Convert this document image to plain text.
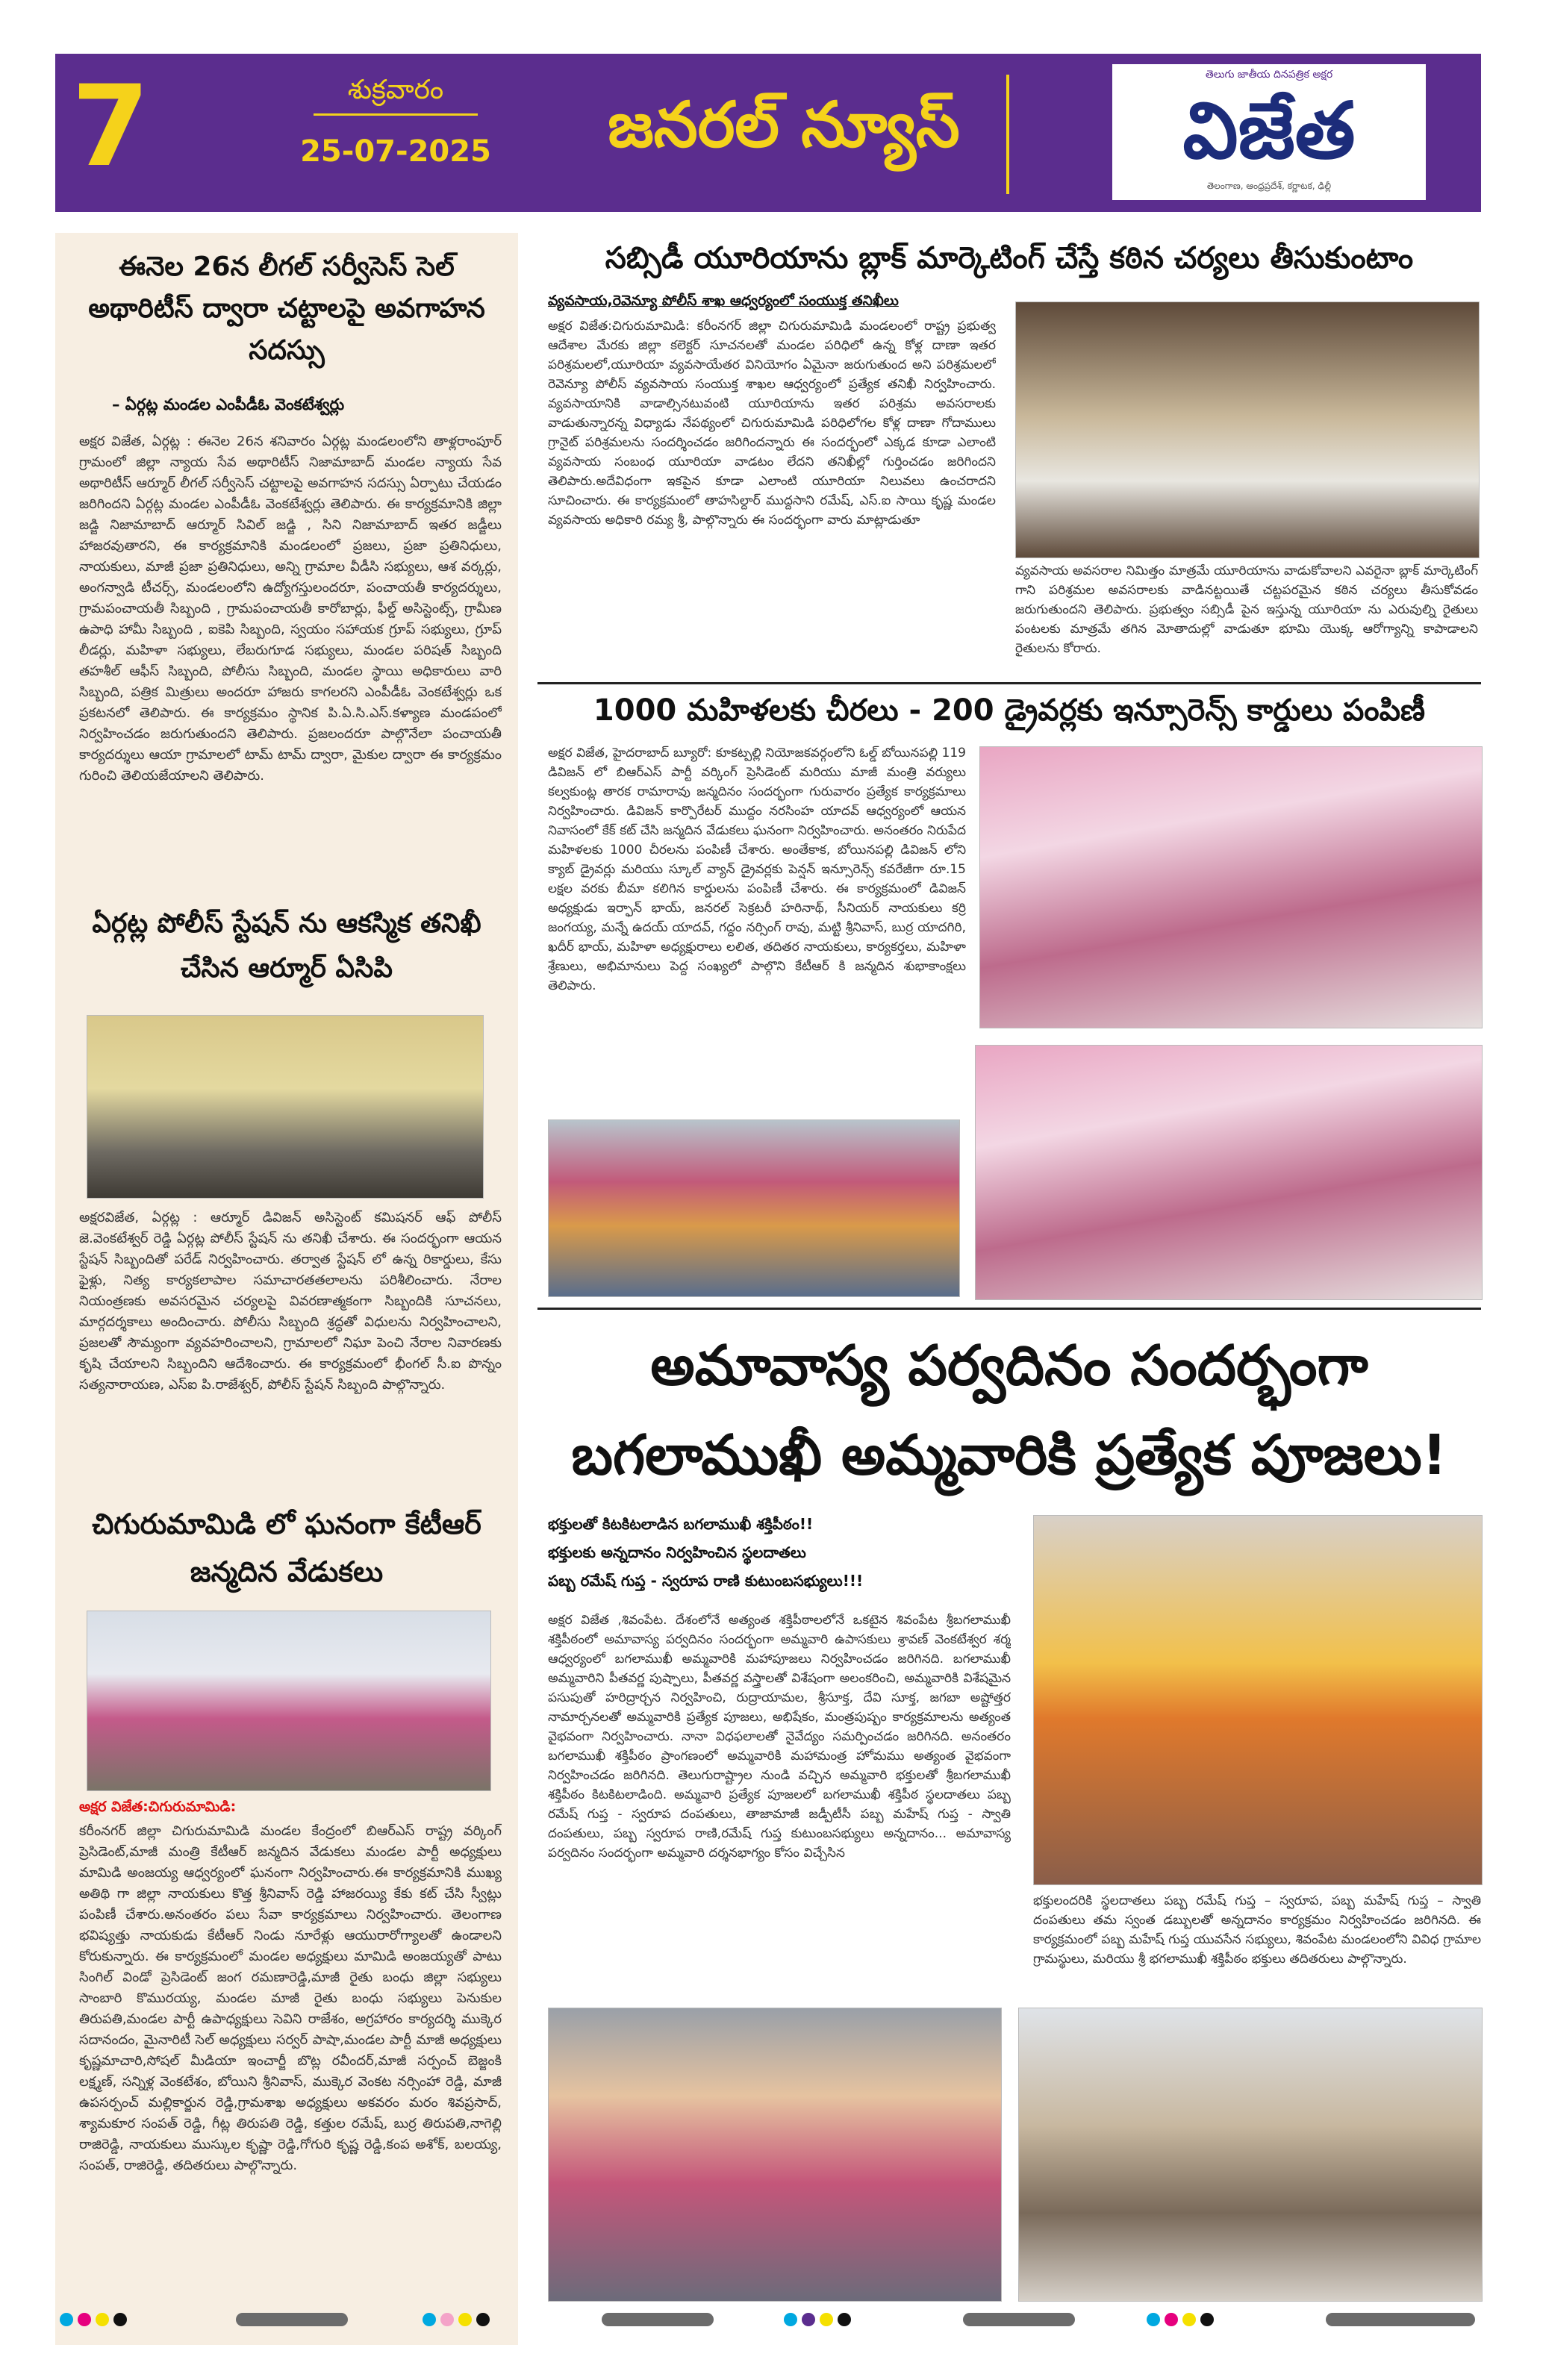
7	శుక్రవారం
25-07-2025	జనరల్ న్యూస్
తెలుగు జాతీయ దినపత్రిక అక్షర
విజేత
తెలంగాణ, ఆంధ్రప్రదేశ్, కర్ణాటక, ఢిల్లీ
ఈనెల 26న లీగల్ సర్వీసెస్ సెల్ అథారిటీస్ ద్వారా చట్టాలపై అవగాహన సదస్సు
– ఏర్గట్ల మండల ఎంపీడీఓ వెంకటేశ్వర్లు
అక్షర విజేత, ఏర్గట్ల : ఈనెల 26న శనివారం ఏర్గట్ల మండలంలోని తాళ్లరాంపూర్ గ్రామంలో జిల్లా న్యాయ సేవ అథారిటీస్ నిజామాబాద్ మండల న్యాయ సేవ అథారిటీస్ ఆర్మూర్ లీగల్ సర్వీసెస్ చట్టాలపై అవగాహన సదస్సు ఏర్పాటు చేయడం జరిగిందని ఏర్గట్ల మండల ఎంపీడీఓ వెంకటేశ్వర్లు తెలిపారు. ఈ కార్యక్రమానికి జిల్లా జడ్జి నిజామాబాద్ ఆర్మూర్ సివిల్ జడ్జి , సిని నిజామాబాద్ ఇతర జడ్జీలు హాజరవుతారని, ఈ కార్యక్రమానికి మండలంలో ప్రజలు, ప్రజా ప్రతినిధులు, నాయకులు, మాజీ ప్రజా ప్రతినిధులు, అన్ని గ్రామాల వీడీసి సభ్యులు, ఆశ వర్కర్లు, అంగన్వాడి టీచర్స్, మండలంలోని ఉద్యోగస్తులందరూ, పంచాయతీ కార్యదర్శులు, గ్రామపంచాయతీ సిబ్బంది , గ్రామపంచాయతీ కారోబార్లు, ఫీల్డ్ అసిస్టెంట్స్, గ్రామీణ ఉపాధి హామీ సిబ్బంది , ఐకెపి సిబ్బంది, స్వయం సహాయక గ్రూప్ సభ్యులు, గ్రూప్ లీడర్లు, మహిళా సభ్యులు, లేబరుగూడ సభ్యులు, మండల పరిషత్ సిబ్బంది తహశీల్ ఆఫీస్ సిబ్బంది, పోలీసు సిబ్బంది, మండల స్థాయి అధికారులు వారి సిబ్బంది, పత్రిక మిత్రులు అందరూ హాజరు కాగలరని ఎంపీడీఓ వెంకటేశ్వర్లు ఒక ప్రకటనలో తెలిపారు. ఈ కార్యక్రమం స్థానిక పి.ఏ.సి.ఎస్.కళ్యాణ మండపంలో నిర్వహించడం జరుగుతుందని తెలిపారు. ప్రజలందరూ పాల్గొనేలా పంచాయతీ కార్యదర్శులు ఆయా గ్రామాలలో టామ్ టామ్ ద్వారా, మైకుల ద్వారా ఈ కార్యక్రమం గురించి తెలియజేయాలని తెలిపారు.
ఏర్గట్ల పోలీస్ స్టేషన్ ను ఆకస్మిక తనిఖీ చేసిన ఆర్మూర్ ఏసిపి
అక్షరవిజేత, ఏర్గట్ల : ఆర్మూర్ డివిజన్ అసిస్టెంట్ కమిషనర్ ఆఫ్ పోలీస్ జె.వెంకటేశ్వర్ రెడ్డి ఏర్గట్ల పోలీస్ స్టేషన్ ను తనిఖీ చేశారు. ఈ సందర్భంగా ఆయన స్టేషన్ సిబ్బందితో పరేడ్ నిర్వహించారు. తర్వాత స్టేషన్ లో ఉన్న రికార్డులు, కేసు ఫైళ్లు, నిత్య కార్యకలాపాల సమాచారతతలాలను పరిశీలించారు. నేరాల నియంత్రణకు అవసరమైన చర్యలపై వివరణాత్మకంగా సిబ్బందికి సూచనలు, మార్గదర్శకాలు అందించారు. పోలీసు సిబ్బంది శ్రద్ధతో విధులను నిర్వహించాలని, ప్రజలతో సౌమ్యంగా వ్యవహరించాలని, గ్రామాలలో నిఘా పెంచి నేరాల నివారణకు కృషి చేయాలని సిబ్బందిని ఆదేశించారు. ఈ కార్యక్రమంలో భీంగల్ సీ.ఐ పొన్నం సత్యనారాయణ, ఎస్ఐ పి.రాజేశ్వర్, పోలీస్ స్టేషన్ సిబ్బంది పాల్గొన్నారు.
చిగురుమామిడి లో ఘనంగా కేటీఆర్ జన్మదిన వేడుకలు
అక్షర విజేత:చిగురుమామిడి:
కరీంనగర్ జిల్లా చిగురుమామిడి మండల కేంద్రంలో బిఆర్ఎస్ రాష్ట్ర వర్కింగ్ ప్రెసిడెంట్,మాజీ మంత్రి కేటీఆర్ జన్మదిన వేడుకలు మండల పార్టీ అధ్యక్షులు మామిడి అంజయ్య ఆధ్వర్యంలో ఘనంగా నిర్వహించారు.ఈ కార్యక్రమానికి ముఖ్య అతిథి గా జిల్లా నాయకులు కొత్త శ్రీనివాస్ రెడ్డి హాజరయ్యి కేకు కట్ చేసి స్వీట్లు పంపిణీ చేశారు.అనంతరం పలు సేవా కార్యక్రమాలు నిర్వహించారు. తెలంగాణ భవిష్యత్తు నాయకుడు కేటీఆర్ నిండు నూరేళ్లు ఆయురారోగ్యాలతో ఉండాలని కోరుకున్నారు. ఈ కార్యక్రమంలో మండల అధ్యక్షులు మామిడి అంజయ్యతో పాటు సింగిల్ విండో ప్రెసిడెంట్ జంగ రమణారెడ్డి,మాజీ రైతు బంధు జిల్లా సభ్యులు సాంబారి కొమురయ్య, మండల మాజీ రైతు బంధు సభ్యులు పెనుకుల తిరుపతి,మండల పార్టీ ఉపాధ్యక్షులు సెవిని రాజేశం, అగ్రహారం కార్యదర్శి ముక్కెర సదానందం, మైనారిటీ సెల్ అధ్యక్షులు సర్వర్ పాషా,మండల పార్టీ మాజీ అధ్యక్షులు కృష్ణమాచారి,సోషల్ మీడియా ఇంచార్జీ బొట్ల రవీందర్,మాజీ సర్పంచ్ బెజ్జంకి లక్ష్మణ్, సన్నిళ్ల వెంకటేశం, బోయిని శ్రీనివాస్, ముక్కెర వెంకట నర్సింహా రెడ్డి, మాజీ ఉపసర్పంచ్ మల్లికార్జున రెడ్డి,గ్రామశాఖ అధ్యక్షులు అకవరం మరం శివప్రసాద్, శ్యామకూర సంపత్ రెడ్డి, గీట్ల తిరుపతి రెడ్డి, కత్తుల రమేష్, బుర్ర తిరుపతి,నాగెల్లి రాజిరెడ్డి, నాయకులు ముస్కుల కృష్ణా రెడ్డి,గోగురి కృష్ణ రెడ్డి,కంప అశోక్, బలయ్య, సంపత్, రాజిరెడ్డి, తదితరులు పాల్గొన్నారు.
సబ్సిడీ యూరియాను బ్లాక్ మార్కెటింగ్ చేస్తే కఠిన చర్యలు తీసుకుంటాం
వ్యవసాయ,రెవెన్యూ పోలీస్ శాఖ ఆధ్వర్యంలో సంయుక్త తనిఖీలు
అక్షర విజేత:చిగురుమామిడి: కరీంనగర్ జిల్లా చిగురుమామిడి మండలంలో రాష్ట్ర ప్రభుత్వ ఆదేశాల మేరకు జిల్లా కలెక్టర్ సూచనలతో మండల పరిధిలో ఉన్న కోళ్ల దాణా ఇతర పరిశ్రమలలో,యూరియా వ్యవసాయేతర వినియోగం ఏమైనా జరుగుతుంద అని పరిశ్రమలలో రెవెన్యూ పోలీస్ వ్యవసాయ సంయుక్త శాఖల ఆధ్వర్యంలో ప్రత్యేక తనిఖీ నిర్వహించారు. వ్యవసాయానికి వాడాల్సినటువంటి యూరియాను ఇతర పరిశ్రమ అవసరాలకు వాడుతున్నారన్న విధ్యాడు నేపథ్యంలో చిగురుమామిడి పరిధిలోగల కోళ్ల దాణా గోదాములు గ్రానైట్ పరిశ్రమలను సందర్శించడం జరిగిందన్నారు ఈ సందర్భంలో ఎక్కడ కూడా ఎలాంటి వ్యవసాయ సంబంధ యూరియా వాడటం లేదని తనిఖీల్లో గుర్తించడం జరిగిందని తెలిపారు.అదేవిధంగా ఇకపైన కూడా ఎలాంటి యూరియా నిలువలు ఉంచరాదని సూచించారు. ఈ కార్యక్రమంలో తాహసిల్దార్ ముద్దసాని రమేష్, ఎస్.ఐ సాయి కృష్ణ మండల వ్యవసాయ అధికారి రమ్య శ్రీ, పాల్గొన్నారు ఈ సందర్భంగా వారు మాట్లాడుతూ
వ్యవసాయ అవసరాల నిమిత్తం మాత్రమే యూరియాను వాడుకోవాలని ఎవరైనా బ్లాక్ మార్కెటింగ్ గాని పరిశ్రమల అవసరాలకు వాడినట్టయితే చట్టపరమైన కఠిన చర్యలు తీసుకోవడం జరుగుతుందని తెలిపారు. ప్రభుత్వం సబ్సిడీ పైన ఇస్తున్న యూరియా ను ఎరువుల్ని రైతులు పంటలకు మాత్రమే తగిన మోతాదుల్లో వాడుతూ భూమి యొక్క ఆరోగ్యాన్ని కాపాడాలని రైతులను కోరారు.
1000 మహిళలకు చీరలు - 200 డ్రైవర్లకు ఇన్సూరెన్స్ కార్డులు పంపిణీ
అక్షర విజేత, హైదరాబాద్ బ్యూరో: కూకట్పల్లి నియోజకవర్గంలోని ఓల్డ్ బోయినపల్లి 119 డివిజన్ లో బిఆర్ఎస్ పార్టీ వర్కింగ్ ప్రెసిడెంట్ మరియు మాజీ మంత్రి వర్యులు కల్వకుంట్ల తారక రామారావు జన్మదినం సందర్భంగా గురువారం ప్రత్యేక కార్యక్రమాలు నిర్వహించారు. డివిజన్ కార్పొరేటర్ ముద్దం నరసింహ యాదవ్ ఆధ్వర్యంలో ఆయన నివాసంలో కేక్ కట్ చేసి జన్మదిన వేడుకలు ఘనంగా నిర్వహించారు. అనంతరం నిరుపేద మహిళలకు 1000 చీరలను పంపిణీ చేశారు. అంతేకాక, బోయినపల్లి డివిజన్ లోని క్యాబ్ డ్రైవర్లు మరియు స్కూల్ వ్యాన్ డ్రైవర్లకు పెన్షన్ ఇన్సూరెన్స్ కవరేజీగా రూ.15 లక్షల వరకు బీమా కలిగిన కార్డులను పంపిణీ చేశారు. ఈ కార్యక్రమంలో డివిజన్ అధ్యక్షుడు ఇర్ఫాన్ భాయ్, జనరల్ సెక్రటరీ హరినాథ్, సీనియర్ నాయకులు కర్రి జంగయ్య, మన్నే ఉదయ్ యాదవ్, గద్దం నర్సింగ్ రావు, మట్టి శ్రీనివాస్, బుర్ర యాదగిరి, ఖదీర్ భాయ్, మహిళా అధ్యక్షురాలు లలిత, తదితర నాయకులు, కార్యకర్తలు, మహిళా శ్రేణులు, అభిమానులు పెద్ద సంఖ్యలో పాల్గొని కేటీఆర్ కి జన్మదిన శుభాకాంక్షలు తెలిపారు.
అమావాస్య పర్వదినం సందర్భంగా
బగలాముఖీ అమ్మవారికి ప్రత్యేక పూజలు!
భక్తులతో కిటకిటలాడిన బగలాముఖీ శక్తిపీఠం!!
భక్తులకు అన్నదానం నిర్వహించిన స్థలదాతలు
పబ్బ రమేష్ గుప్త - స్వరూప రాణి కుటుంబసభ్యులు!!!
అక్షర విజేత ,శివంపేట. దేశంలోనే అత్యంత శక్తిపీఠాలలోనే ఒకటైన శివంపేట శ్రీబగలాముఖీ శక్తిపీఠంలో అమావాస్య పర్వదినం సందర్భంగా అమ్మవారి ఉపాసకులు శ్రావణ్ వెంకటేశ్వర శర్మ ఆధ్వర్యంలో బగలాముఖీ అమ్మవారికి మహాపూజలు నిర్వహించడం జరిగినది. బగలాముఖీ అమ్మవారిని పీతవర్ణ పుష్పాలు, పీతవర్ణ వస్త్రాలతో విశేషంగా అలంకరించి, అమ్మవారికి విశేషమైన పసుపుతో హరిద్రార్చన నిర్వహించి, రుద్రాయామల, శ్రీసూక్త, దేవి సూక్త, జగబా అష్టోత్తర నామార్చనలతో అమ్మవారికి ప్రత్యేక పూజలు, అభిషేకం, మంత్రపుష్పం కార్యక్రమాలను అత్యంత వైభవంగా నిర్వహించారు. నానా విధఫలాలతో నైవేద్యం సమర్పించడం జరిగినది. అనంతరం బగలాముఖీ శక్తిపీఠం ప్రాంగణంలో అమ్మవారికి మహామంత్ర హోమము అత్యంత వైభవంగా నిర్వహించడం జరిగినది. తెలుగురాష్ట్రాల నుండి వచ్చిన అమ్మవారి భక్తులతో శ్రీబగలాముఖీ శక్తిపీఠం కిటకిటలాడింది. అమ్మవారి ప్రత్యేక పూజలలో బగలాముఖీ శక్తిపీఠ స్థలదాతలు పబ్బ రమేష్ గుప్త - స్వరూప దంపతులు, తాజామాజీ జడ్పీటీసీ పబ్బ మహేష్ గుప్త - స్వాతి దంపతులు, పబ్బ స్వరూప రాణి,రమేష్ గుప్త కుటుంబసభ్యులు అన్నదానం... అమావాస్య పర్వదినం సందర్భంగా అమ్మవారి దర్శనభాగ్యం కోసం విచ్చేసిన
భక్తులందరికి స్థలదాతలు పబ్బ రమేష్ గుప్త – స్వరూప, పబ్బ మహేష్ గుప్త – స్వాతి దంపతులు తమ స్వంత డబ్బులతో అన్నదానం కార్యక్రమం నిర్వహించడం జరిగినది. ఈ కార్యక్రమంలో పబ్బ మహేష్ గుప్త యువసేన సభ్యులు, శివంపేట మండలంలోని వివిధ గ్రామాల గ్రామస్థులు, మరియు శ్రీ భగలాముఖీ శక్తిపీఠం భక్తులు తదితరులు పాల్గొన్నారు.
